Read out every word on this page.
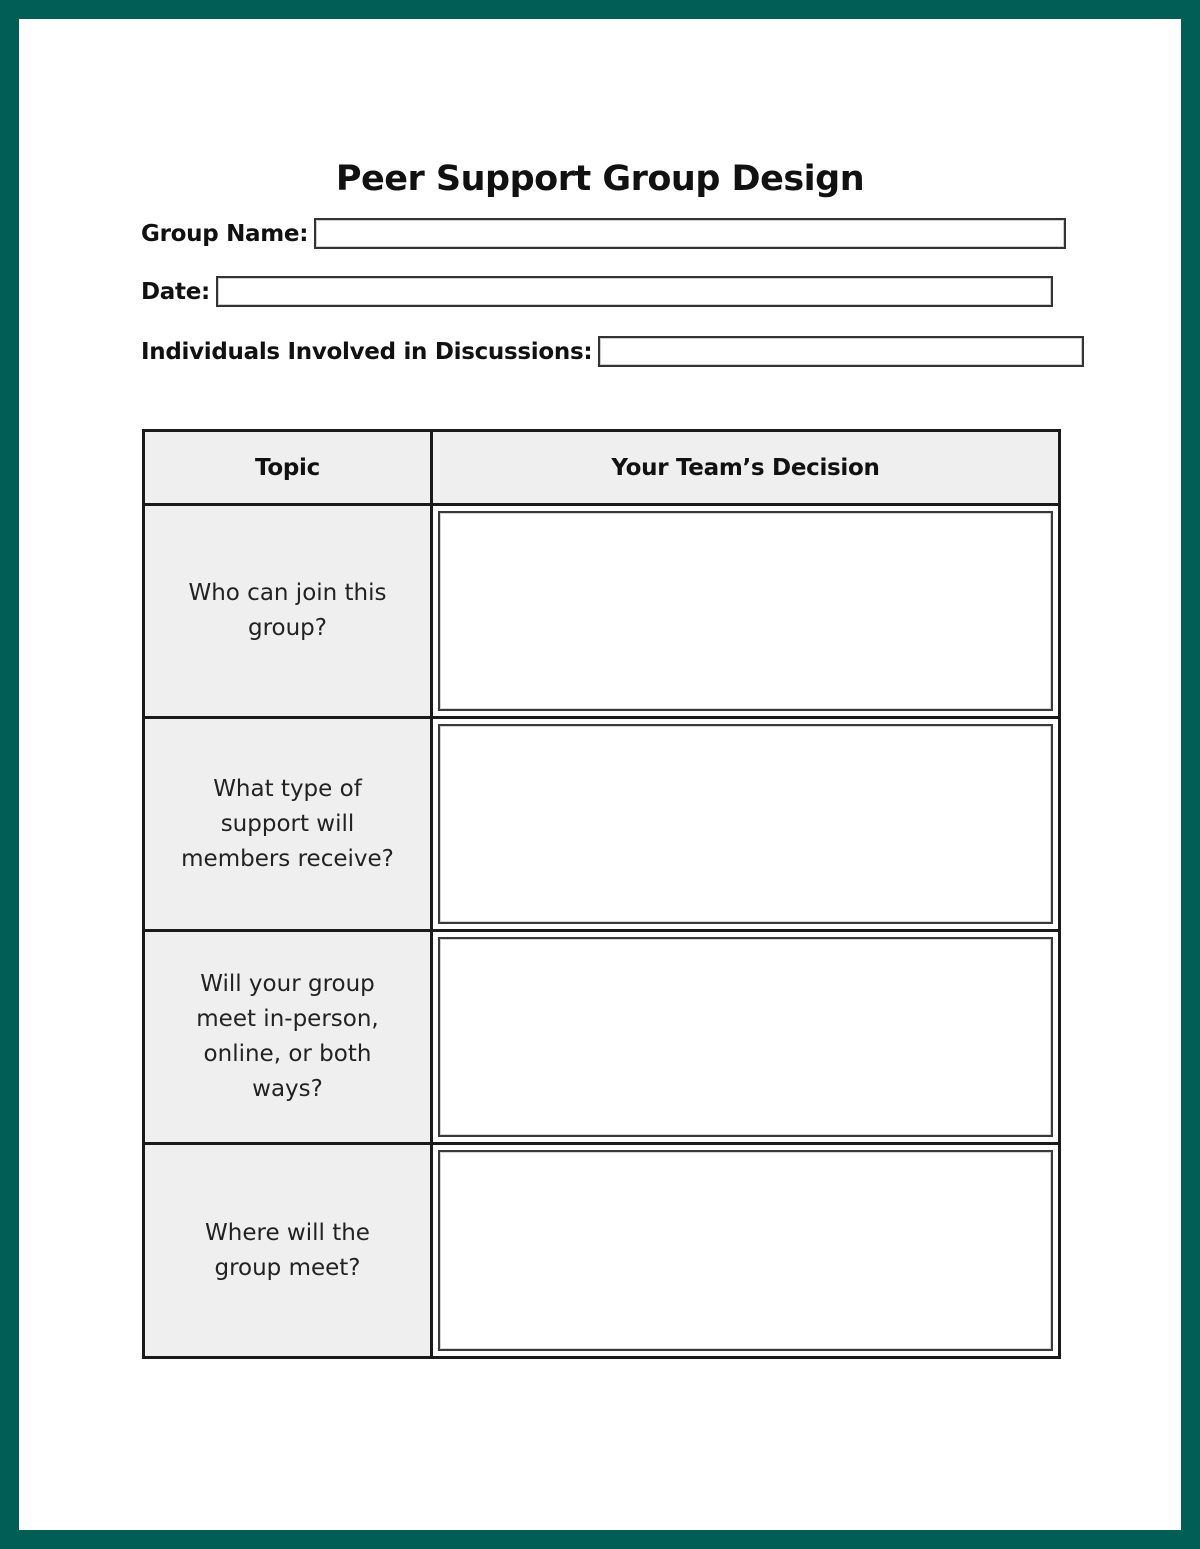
Peer Support Group Design
Group Name:
Date:
Individuals Involved in Discussions:
Topic	Your Team’s Decision
Who can join this group?
What type of support will members receive?
Will your group meet in-person, online, or both ways?
Where will the group meet?
